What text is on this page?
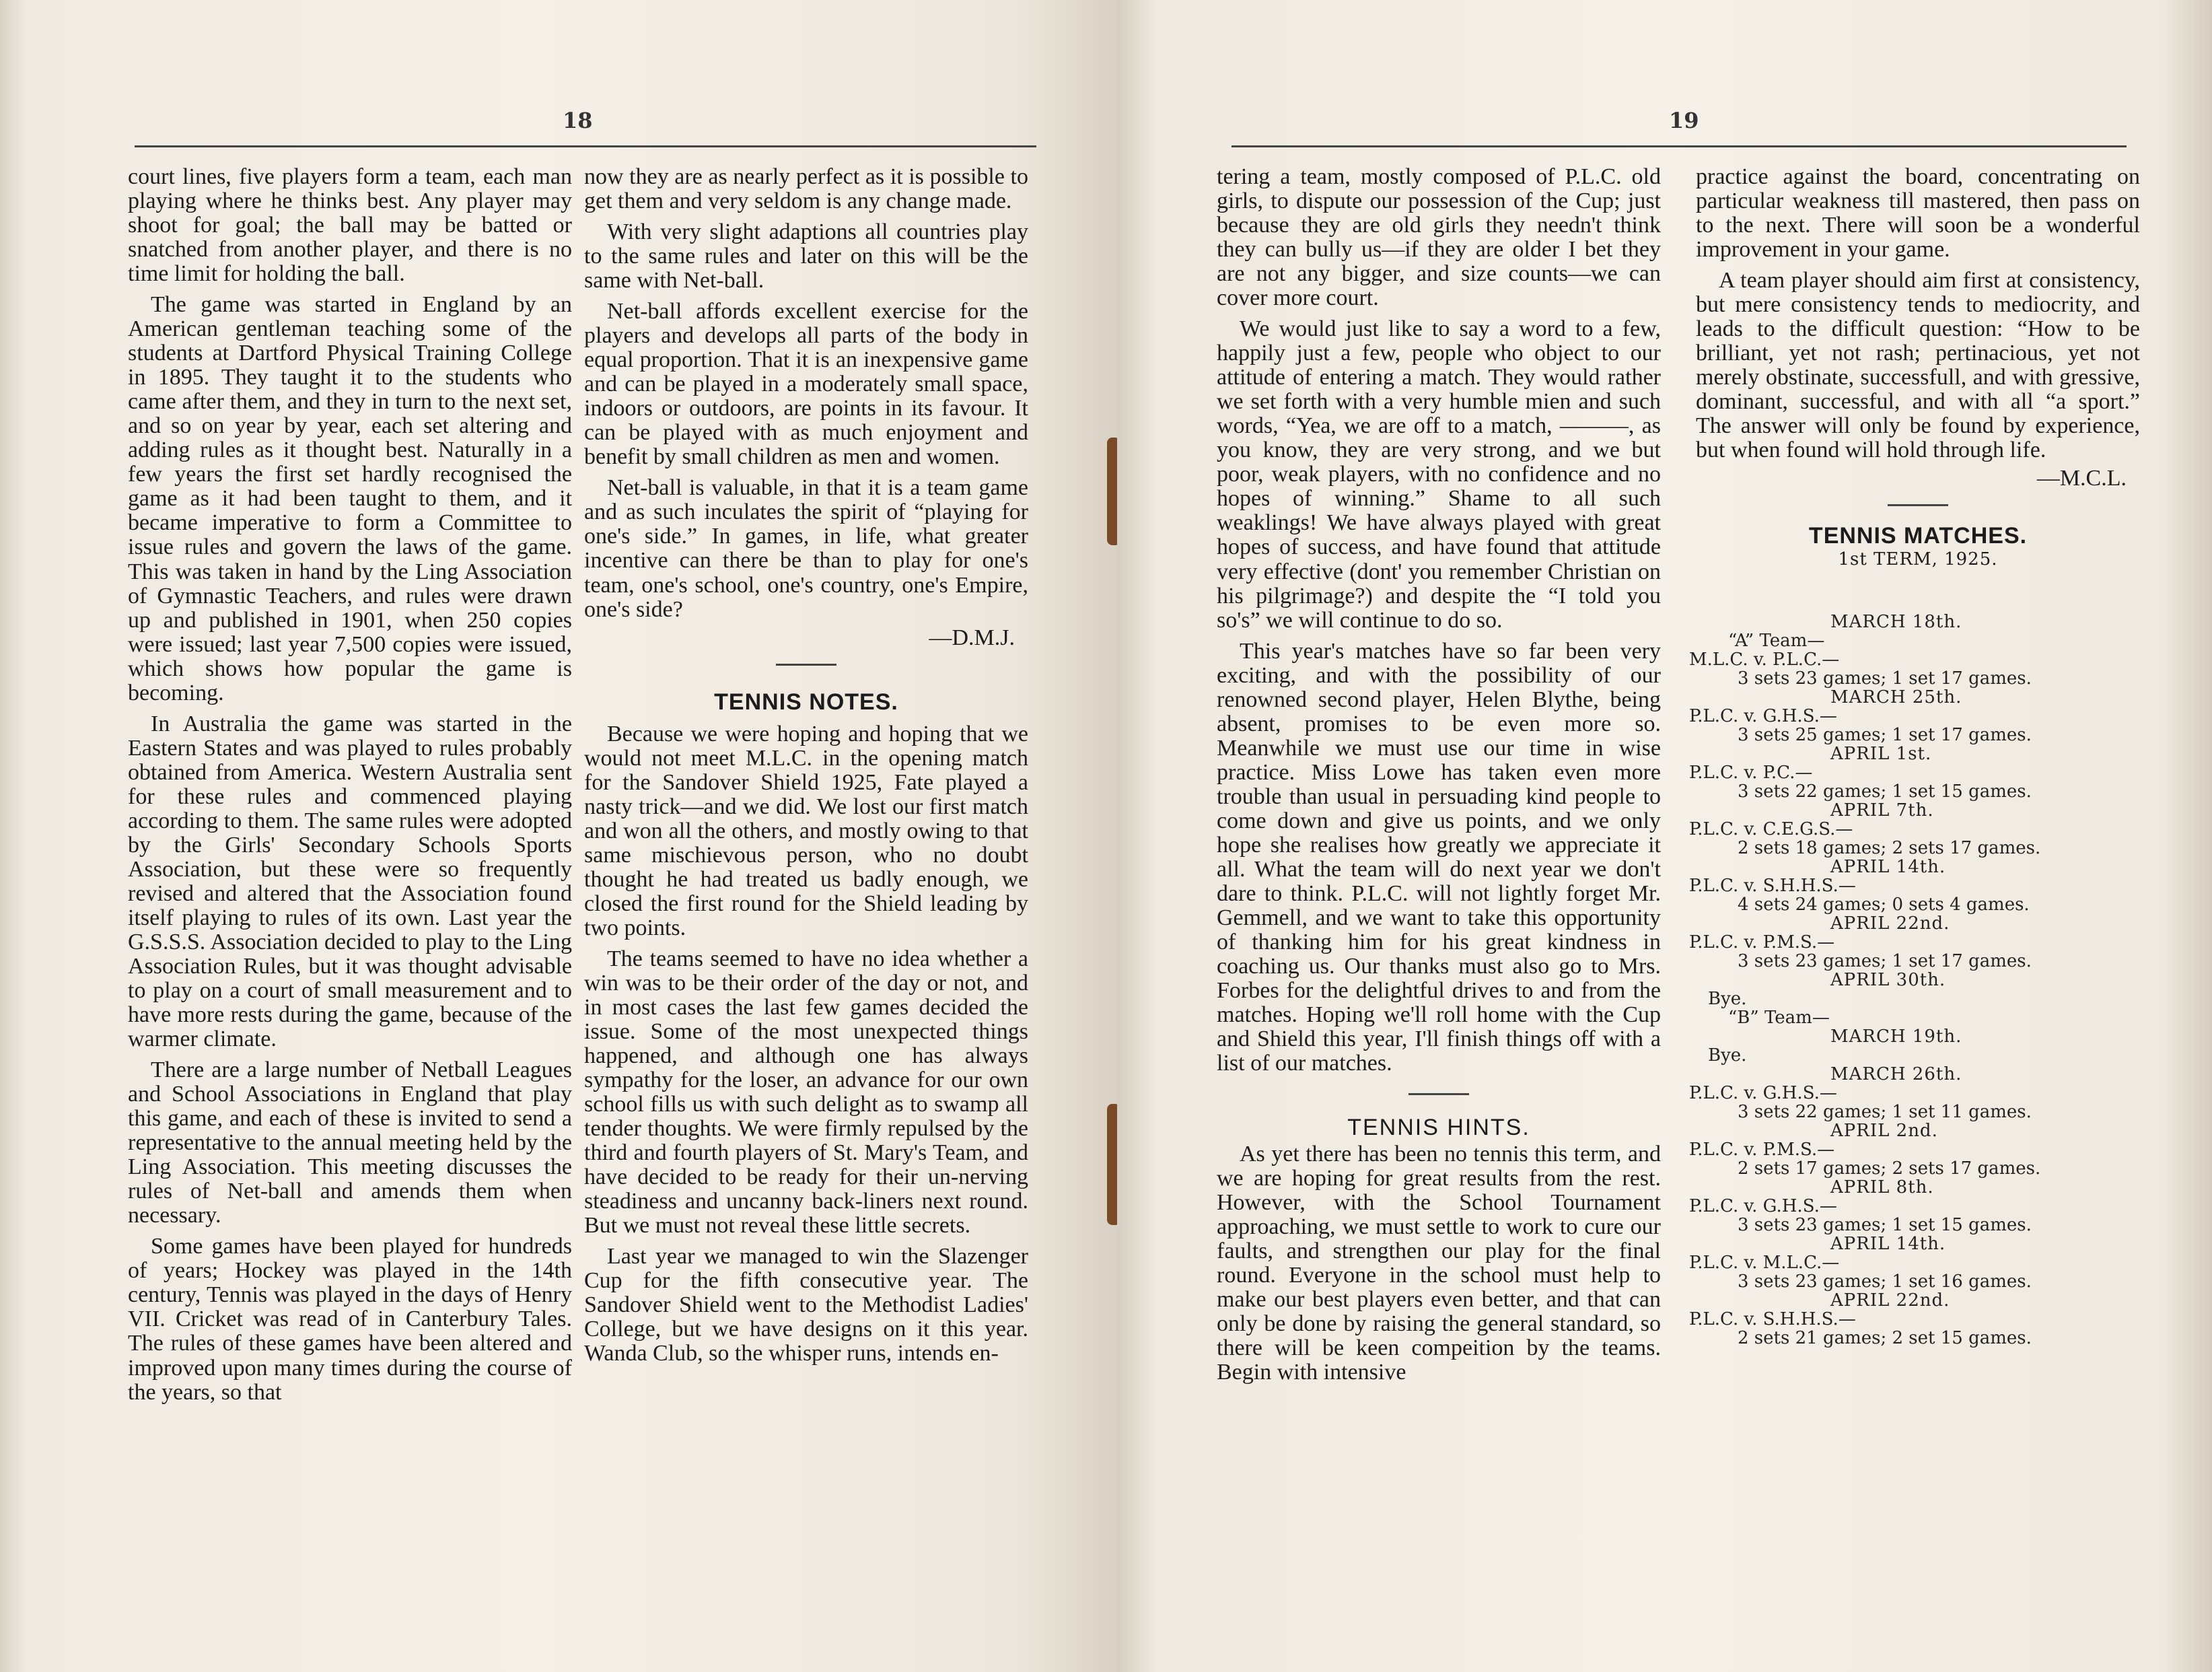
18

court lines, five players form a team, each man playing where he thinks best. Any player may shoot for goal; the ball may be batted or snatched from another player, and there is no time limit for holding the ball.

The game was started in England by an American gentleman teaching some of the students at Dartford Physical Training College in 1895. They taught it to the students who came after them, and they in turn to the next set, and so on year by year, each set altering and adding rules as it thought best. Naturally in a few years the first set hardly recognised the game as it had been taught to them, and it became imperative to form a Committee to issue rules and govern the laws of the game. This was taken in hand by the Ling Association of Gymnastic Teachers, and rules were drawn up and published in 1901, when 250 copies were issued; last year 7,500 copies were issued, which shows how popular the game is becoming.

In Australia the game was started in the Eastern States and was played to rules probably obtained from America. Western Australia sent for these rules and commenced playing according to them. The same rules were adopted by the Girls' Secondary Schools Sports Association, but these were so frequently revised and altered that the Association found itself playing to rules of its own. Last year the G.S.S.S. Association decided to play to the Ling Association Rules, but it was thought advisable to play on a court of small measurement and to have more rests during the game, because of the warmer climate.

There are a large number of Netball Leagues and School Associations in England that play this game, and each of these is invited to send a representative to the annual meeting held by the Ling Association. This meeting discusses the rules of Net-ball and amends them when necessary.

Some games have been played for hundreds of years; Hockey was played in the 14th century, Tennis was played in the days of Henry VII. Cricket was read of in Canterbury Tales. The rules of these games have been altered and improved upon many times during the course of the years, so that

now they are as nearly perfect as it is possible to get them and very seldom is any change made.

With very slight adaptions all countries play to the same rules and later on this will be the same with Net-ball.

Net-ball affords excellent exercise for the players and develops all parts of the body in equal proportion. That it is an inexpensive game and can be played in a moderately small space, indoors or outdoors, are points in its favour. It can be played with as much enjoyment and benefit by small children as men and women.

Net-ball is valuable, in that it is a team game and as such inculates the spirit of “playing for one's side.” In games, in life, what greater incentive can there be than to play for one's team, one's school, one's country, one's Empire, one's side?

—D.M.J.
TENNIS NOTES.

Because we were hoping and hoping that we would not meet M.L.C. in the opening match for the Sandover Shield 1925, Fate played a nasty trick—and we did. We lost our first match and won all the others, and mostly owing to that same mischievous person, who no doubt thought he had treated us badly enough, we closed the first round for the Shield leading by two points.

The teams seemed to have no idea whether a win was to be their order of the day or not, and in most cases the last few games decided the issue. Some of the most unexpected things happened, and although one has always sympathy for the loser, an advance for our own school fills us with such delight as to swamp all tender thoughts. We were firmly repulsed by the third and fourth players of St. Mary's Team, and have decided to be ready for their un-nerving steadiness and uncanny back-liners next round. But we must not reveal these little secrets.

Last year we managed to win the Slazenger Cup for the fifth consecutive year. The Sandover Shield went to the Methodist Ladies' College, but we have designs on it this year. Wanda Club, so the whisper runs, intends en-

19

tering a team, mostly composed of P.L.C. old girls, to dispute our possession of the Cup; just because they are old girls they needn't think they can bully us—if they are older I bet they are not any bigger, and size counts—we can cover more court.

We would just like to say a word to a few, happily just a few, people who object to our attitude of entering a match. They would rather we set forth with a very humble mien and such words, “Yea, we are off to a match, ———, as you know, they are very strong, and we but poor, weak players, with no confidence and no hopes of winning.” Shame to all such weaklings! We have always played with great hopes of success, and have found that attitude very effective (dont' you remember Christian on his pilgrimage?) and despite the “I told you so's” we will continue to do so.

This year's matches have so far been very exciting, and with the possibility of our renowned second player, Helen Blythe, being absent, promises to be even more so. Meanwhile we must use our time in wise practice. Miss Lowe has taken even more trouble than usual in persuading kind people to come down and give us points, and we only hope she realises how greatly we appreciate it all. What the team will do next year we don't dare to think. P.L.C. will not lightly forget Mr. Gemmell, and we want to take this opportunity of thanking him for his great kindness in coaching us. Our thanks must also go to Mrs. Forbes for the delightful drives to and from the matches. Hoping we'll roll home with the Cup and Shield this year, I'll finish things off with a list of our matches.

TENNIS HINTS.

As yet there has been no tennis this term, and we are hoping for great results from the rest. However, with the School Tournament approaching, we must settle to work to cure our faults, and strengthen our play for the final round. Everyone in the school must help to make our best players even better, and that can only be done by raising the general standard, so there will be keen compeition by the teams. Begin with intensive

practice against the board, concentrating on particular weakness till mastered, then pass on to the next. There will soon be a wonderful improvement in your game.

A team player should aim first at consistency, but mere consistency tends to mediocrity, and leads to the difficult question: “How to be brilliant, yet not rash; pertinacious, yet not merely obstinate, successfull, and with gressive, dominant, successful, and with all “a sport.” The answer will only be found by experience, but when found will hold through life.

—M.C.L.
TENNIS MATCHES.
1st TERM, 1925.
MARCH 18th.
“A” Team—
M.L.C. v. P.L.C.—
3 sets 23 games; 1 set 17 games.
MARCH 25th.
P.L.C. v. G.H.S.—
3 sets 25 games; 1 set 17 games.
APRIL 1st.
P.L.C. v. P.C.—
3 sets 22 games; 1 set 15 games.
APRIL 7th.
P.L.C. v. C.E.G.S.—
2 sets 18 games; 2 sets 17 games.
APRIL 14th.
P.L.C. v. S.H.H.S.—
4 sets 24 games; 0 sets 4 games.
APRIL 22nd.
P.L.C. v. P.M.S.—
3 sets 23 games; 1 set 17 games.
APRIL 30th.
Bye.
“B” Team—
MARCH 19th.
Bye.
MARCH 26th.
P.L.C. v. G.H.S.—
3 sets 22 games; 1 set 11 games.
APRIL 2nd.
P.L.C. v. P.M.S.—
2 sets 17 games; 2 sets 17 games.
APRIL 8th.
P.L.C. v. G.H.S.—
3 sets 23 games; 1 set 15 games.
APRIL 14th.
P.L.C. v. M.L.C.—
3 sets 23 games; 1 set 16 games.
APRIL 22nd.
P.L.C. v. S.H.H.S.—
2 sets 21 games; 2 set 15 games.
